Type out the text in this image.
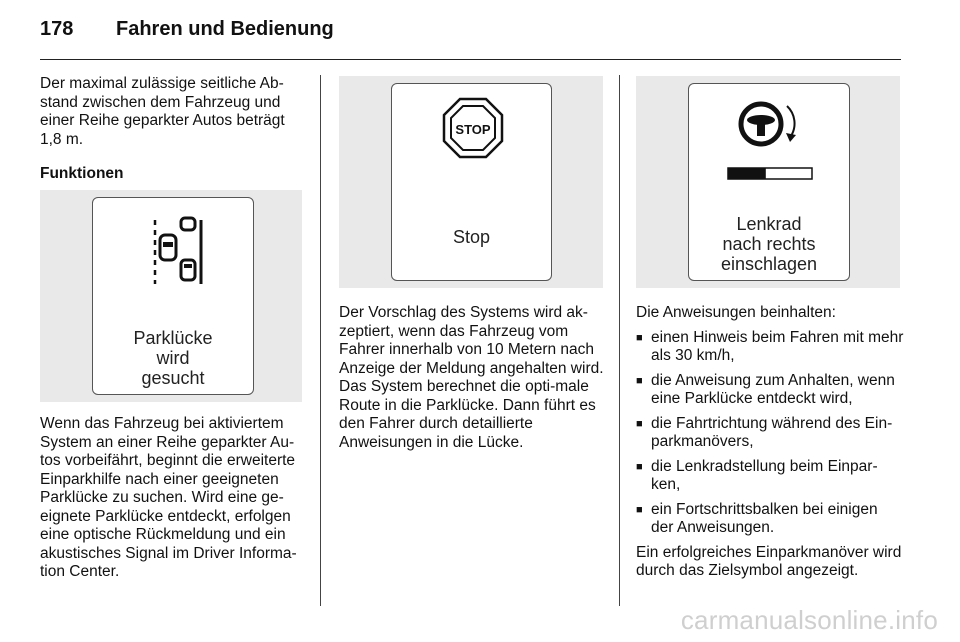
178 Fahren und Bedienung

Der maximal zulässige seitliche Ab-stand zwischen dem Fahrzeug und einer Reihe geparkter Autos beträgt 1,8 m.

Funktionen

Parklücke
wird
gesucht

Wenn das Fahrzeug bei aktiviertem System an einer Reihe geparkter Au-tos vorbeifährt, beginnt die erweiterte Einparkhilfe nach einer geeigneten Parklücke zu suchen. Wird eine ge-eignete Parklücke entdeckt, erfolgen eine optische Rückmeldung und ein akustisches Signal im Driver Informa-tion Center.

STOP
Stop

Der Vorschlag des Systems wird ak-zeptiert, wenn das Fahrzeug vom Fahrer innerhalb von 10 Metern nach Anzeige der Meldung angehalten wird. Das System berechnet die opti-male Route in die Parklücke. Dann führt es den Fahrer durch detaillierte Anweisungen in die Lücke.

Lenkrad
nach rechts
einschlagen

Die Anweisungen beinhalten:

■ einen Hinweis beim Fahren mit mehr als 30 km/h,
■ die Anweisung zum Anhalten, wenn eine Parklücke entdeckt wird,
■ die Fahrtrichtung während des Ein-parkmanövers,
■ die Lenkradstellung beim Einpar-ken,
■ ein Fortschrittsbalken bei einigen der Anweisungen.

Ein erfolgreiches Einparkmanöver wird durch das Zielsymbol angezeigt.

carmanualsonline.info
